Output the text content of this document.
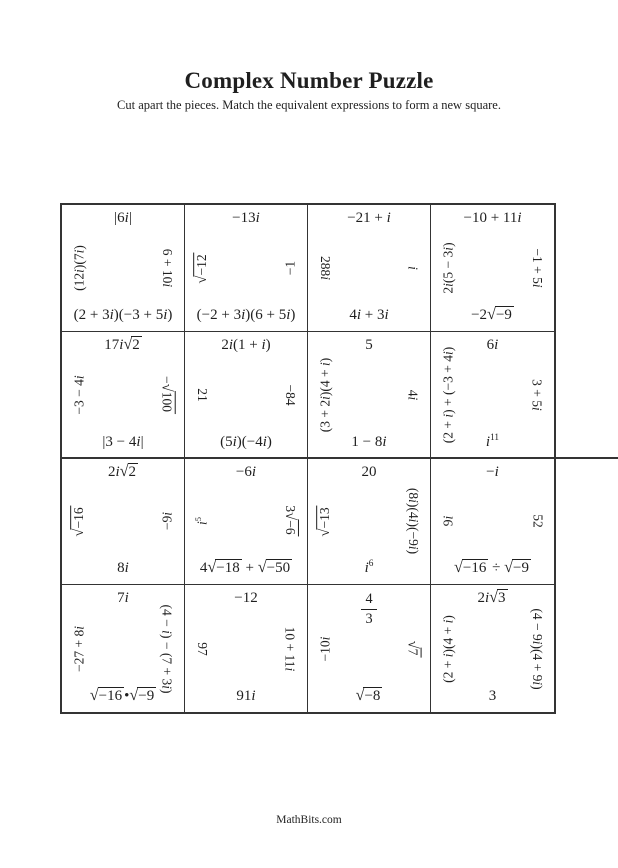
Complex Number Puzzle
Cut apart the pieces. Match the equivalent expressions to form a new square.
|6i|
6 + 10i
(2 + 3i)(−3 + 5i)
(12i)(7i)
−13i
−1
(−2 + 3i)(6 + 5i)
√−12
−21 + i
i
4i + 3i
288i
−10 + 11i
−1 + 5i
−2√−9
2i(5 − 3i)
17i√2
−√100
|3 − 4i|
−3 − 4i
2i(1 + i)
−84
(5i)(−4i)
21
5
4i
1 − 8i
(3 + 2i)(4 + i)
6i
3 + 5i
$i^{11}$
(2 + i) + (−3 + 4i)
2i√2
−9i
8i
√−16
−6i
3√−6
4√−18 + √−50
$i^5$
20
(8i)(4i)(−9i)
$i^6$
√−13
−i
52
√−16 ÷ √−9
9i
7i
(4 − i) − (7 + 3i)
√−16 •√−9
−27 + 8i
−12
10 + 11i
91i
97
$\frac{4}{3}$
√7
√−8
−10i
2i√3
(4 − 9i)(4 + 9i)
3
(2 + i)(4 + i)
MathBits.com
